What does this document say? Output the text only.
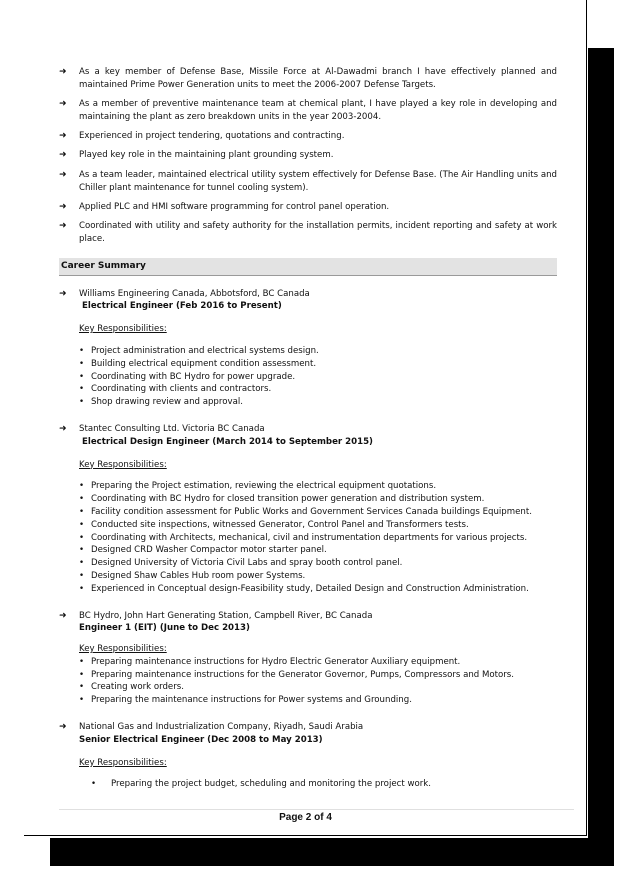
➜ As a key member of Defense Base, Missile Force at Al-Dawadmi branch I have effectively planned and maintained Prime Power Generation units to meet the 2006-2007 Defense Targets.
➜ As a member of preventive maintenance team at chemical plant, I have played a key role in developing and maintaining the plant as zero breakdown units in the year 2003-2004.
➜ Experienced in project tendering, quotations and contracting.
➜ Played key role in the maintaining plant grounding system.
➜ As a team leader, maintained electrical utility system effectively for Defense Base. (The Air Handling units and Chiller plant maintenance for tunnel cooling system).
➜ Applied PLC and HMI software programming for control panel operation.
➜ Coordinated with utility and safety authority for the installation permits, incident reporting and safety at work place.
Career Summary
➜ Williams Engineering Canada, Abbotsford, BC Canada
Electrical Engineer (Feb 2016 to Present)
Key Responsibilities:
• Project administration and electrical systems design.
• Building electrical equipment condition assessment.
• Coordinating with BC Hydro for power upgrade.
• Coordinating with clients and contractors.
• Shop drawing review and approval.
➜ Stantec Consulting Ltd. Victoria BC Canada
Electrical Design Engineer (March 2014 to September 2015)
Key Responsibilities:
• Preparing the Project estimation, reviewing the electrical equipment quotations.
• Coordinating with BC Hydro for closed transition power generation and distribution system.
• Facility condition assessment for Public Works and Government Services Canada buildings Equipment.
• Conducted site inspections, witnessed Generator, Control Panel and Transformers tests.
• Coordinating with Architects, mechanical, civil and instrumentation departments for various projects.
• Designed CRD Washer Compactor motor starter panel.
• Designed University of Victoria Civil Labs and spray booth control panel.
• Designed Shaw Cables Hub room power Systems.
• Experienced in Conceptual design-Feasibility study, Detailed Design and Construction Administration.
➜ BC Hydro, John Hart Generating Station, Campbell River, BC Canada
Engineer 1 (EIT) (June to Dec 2013)
Key Responsibilities:
• Preparing maintenance instructions for Hydro Electric Generator Auxiliary equipment.
• Preparing maintenance instructions for the Generator Governor, Pumps, Compressors and Motors.
• Creating work orders.
• Preparing the maintenance instructions for Power systems and Grounding.
➜ National Gas and Industrialization Company, Riyadh, Saudi Arabia
Senior Electrical Engineer (Dec 2008 to May 2013)
Key Responsibilities:
• Preparing the project budget, scheduling and monitoring the project work.
Page 2 of 4
